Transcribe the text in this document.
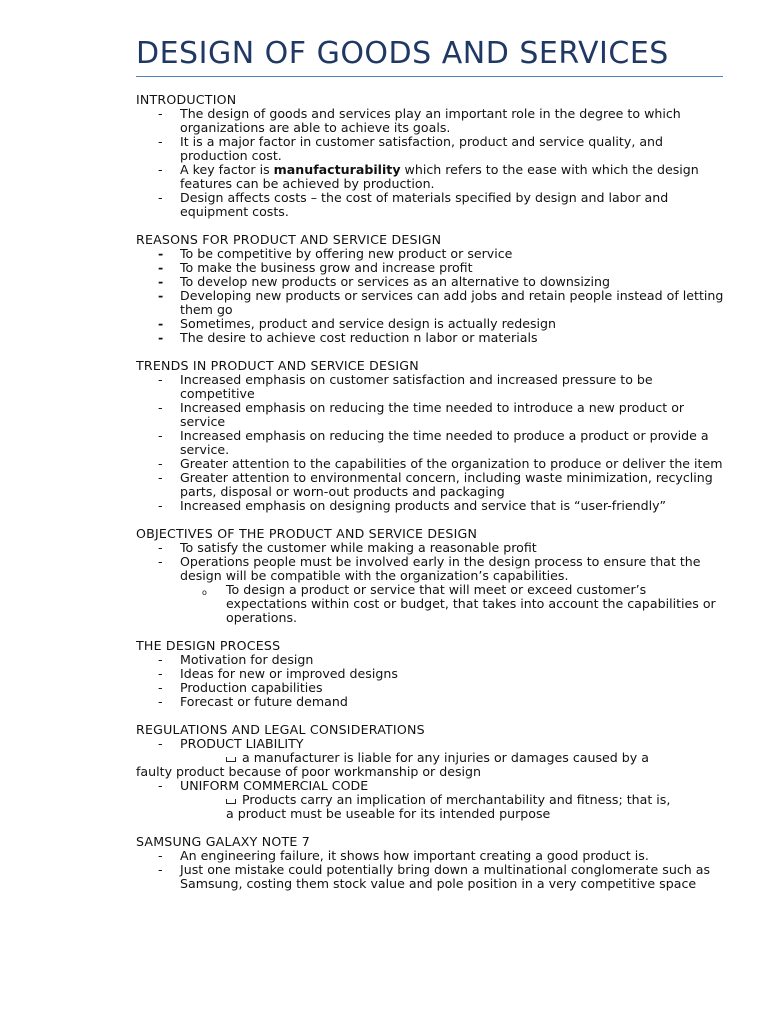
DESIGN OF GOODS AND SERVICES
INTRODUCTION
- The design of goods and services play an important role in the degree to which organizations are able to achieve its goals.
- It is a major factor in customer satisfaction, product and service quality, and production cost.
- A key factor is manufacturability which refers to the ease with which the design features can be achieved by production.
- Design affects costs – the cost of materials specified by design and labor and equipment costs.
REASONS FOR PRODUCT AND SERVICE DESIGN
- To be competitive by offering new product or service
- To make the business grow and increase profit
- To develop new products or services as an alternative to downsizing
- Developing new products or services can add jobs and retain people instead of letting them go
- Sometimes, product and service design is actually redesign
- The desire to achieve cost reduction n labor or materials
TRENDS IN PRODUCT AND SERVICE DESIGN
- Increased emphasis on customer satisfaction and increased pressure to be competitive
- Increased emphasis on reducing the time needed to introduce a new product or service
- Increased emphasis on reducing the time needed to produce a product or provide a service.
- Greater attention to the capabilities of the organization to produce or deliver the item
- Greater attention to environmental concern, including waste minimization, recycling parts, disposal or worn-out products and packaging
- Increased emphasis on designing products and service that is “user-friendly”
OBJECTIVES OF THE PRODUCT AND SERVICE DESIGN
- To satisfy the customer while making a reasonable profit
- Operations people must be involved early in the design process to ensure that the design will be compatible with the organization’s capabilities.
o To design a product or service that will meet or exceed customer’s expectations within cost or budget, that takes into account the capabilities or operations.
THE DESIGN PROCESS
- Motivation for design
- Ideas for new or improved designs
- Production capabilities
- Forecast or future demand
REGULATIONS AND LEGAL CONSIDERATIONS
- PRODUCT LIABILITY
a manufacturer is liable for any injuries or damages caused by a
faulty product because of poor workmanship or design
- UNIFORM COMMERCIAL CODE
Products carry an implication of merchantability and fitness; that is,
a product must be useable for its intended purpose
SAMSUNG GALAXY NOTE 7
- An engineering failure, it shows how important creating a good product is.
- Just one mistake could potentially bring down a multinational conglomerate such as Samsung, costing them stock value and pole position in a very competitive space
